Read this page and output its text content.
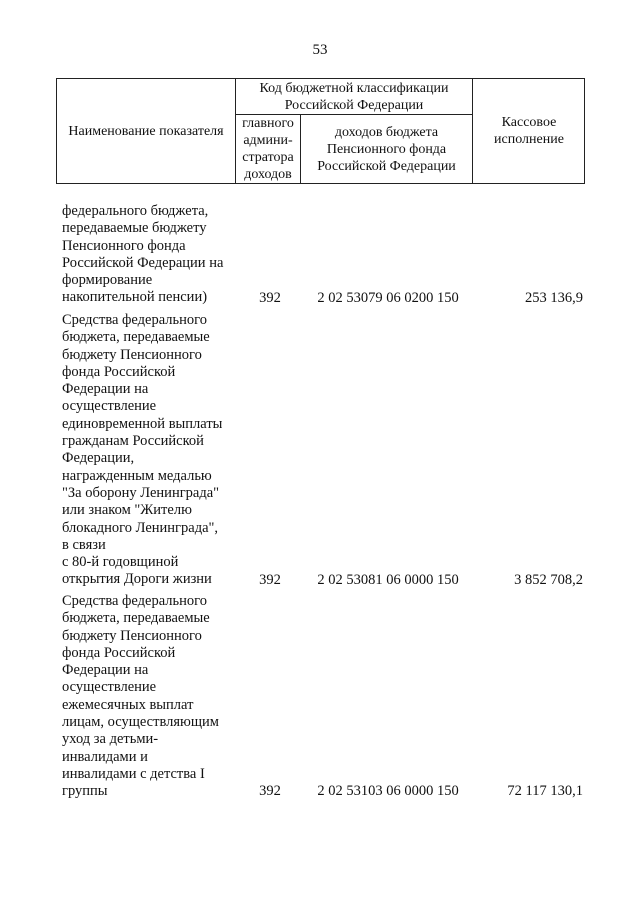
53
Наименование показателя
Код бюджетной классификации
Российской Федерации
главного
админи-
стратора
доходов
доходов бюджета
Пенсионного фонда
Российской Федерации
Кассовое
исполнение
федерального бюджета,
передаваемые бюджету
Пенсионного фонда
Российской Федерации на
формирование
накопительной пенсии)	392	2 02 53079 06 0200 150	253 136,9
Средства федерального
бюджета, передаваемые
бюджету Пенсионного
фонда Российской
Федерации на
осуществление
единовременной выплаты
гражданам Российской
Федерации,
награжденным медалью
"За оборону Ленинграда"
или знаком "Жителю
блокадного Ленинграда",
в связи
с 80-й годовщиной
открытия Дороги жизни	392	2 02 53081 06 0000 150	3 852 708,2
Средства федерального
бюджета, передаваемые
бюджету Пенсионного
фонда Российской
Федерации на
осуществление
ежемесячных выплат
лицам, осуществляющим
уход за детьми-
инвалидами и
инвалидами с детства I
группы	392	2 02 53103 06 0000 150	72 117 130,1
